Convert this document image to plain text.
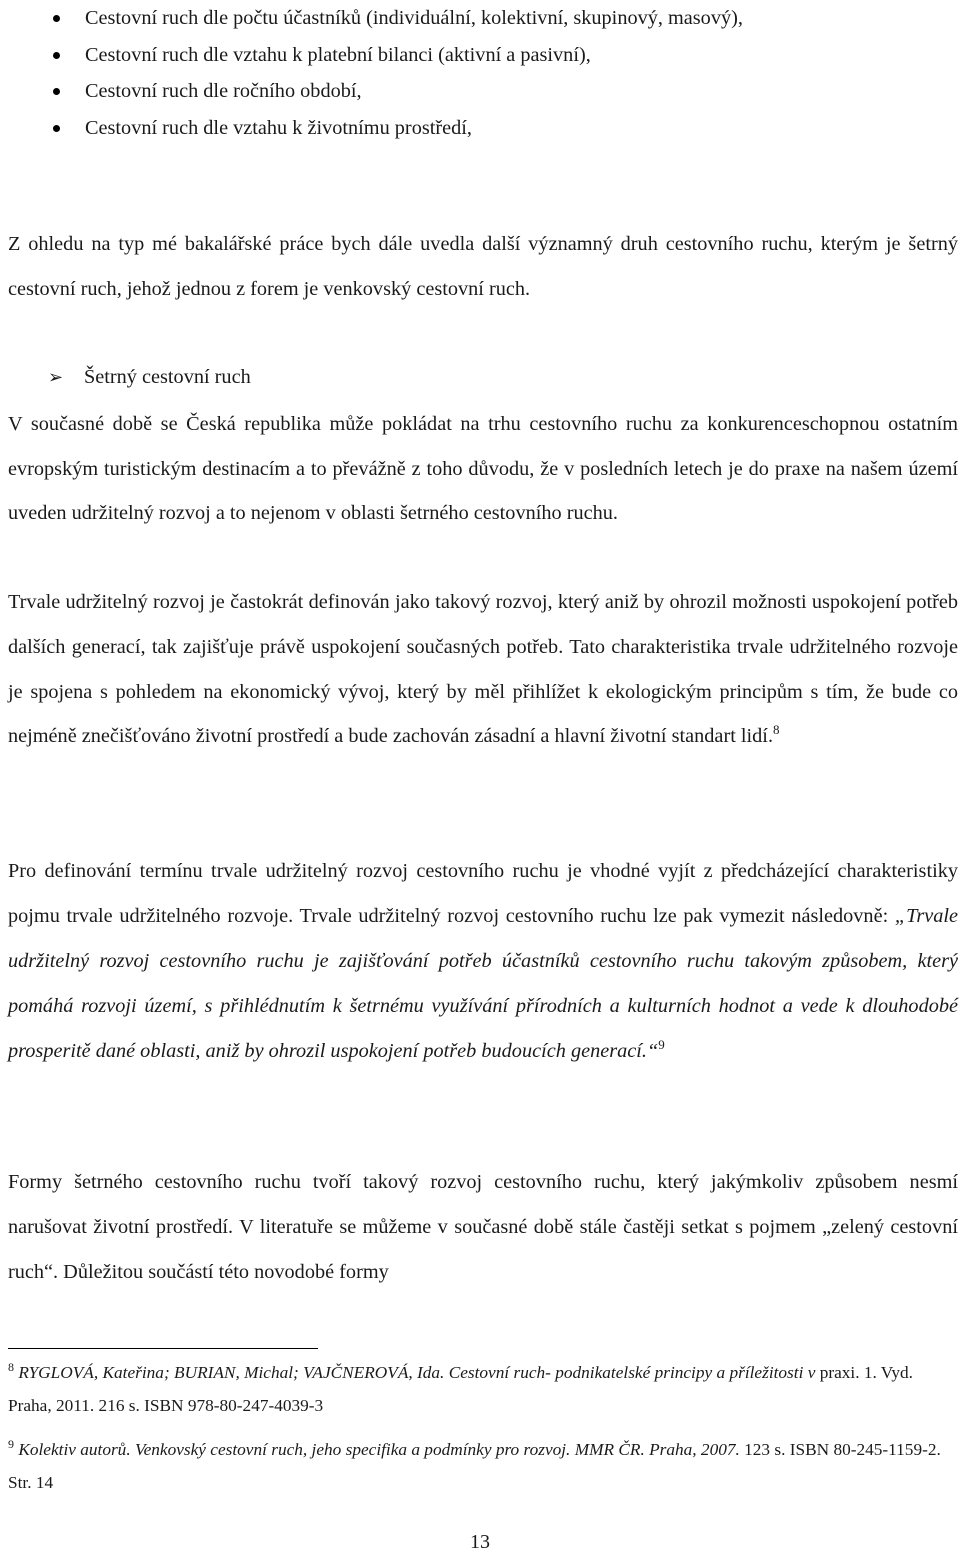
Cestovní ruch dle počtu účastníků (individuální, kolektivní, skupinový, masový),
Cestovní ruch dle vztahu k platební bilanci (aktivní a pasivní),
Cestovní ruch dle ročního období,
Cestovní ruch dle vztahu k životnímu prostředí,

Z ohledu na typ mé bakalářské práce bych dále uvedla další významný druh cestovního ruchu, kterým je šetrný cestovní ruch, jehož jednou z forem je venkovský cestovní ruch.

➢	Šetrný cestovní ruch

V současné době se Česká republika může pokládat na trhu cestovního ruchu za konkurenceschopnou ostatním evropským turistickým destinacím a to převážně z toho důvodu, že v posledních letech je do praxe na našem území uveden udržitelný rozvoj a to nejenom v oblasti šetrného cestovního ruchu.

Trvale udržitelný rozvoj je častokrát definován jako takový rozvoj, který aniž by ohrozil možnosti uspokojení potřeb dalších generací, tak zajišťuje právě uspokojení současných potřeb. Tato charakteristika trvale udržitelného rozvoje je spojena s pohledem na ekonomický vývoj, který by měl přihlížet k ekologickým principům s tím, že bude co nejméně znečišťováno životní prostředí a bude zachován zásadní a hlavní životní standart lidí.$^8$

Pro definování termínu trvale udržitelný rozvoj cestovního ruchu je vhodné vyjít z předcházející charakteristiky pojmu trvale udržitelného rozvoje. Trvale udržitelný rozvoj cestovního ruchu lze pak vymezit následovně: „Trvale udržitelný rozvoj cestovního ruchu je zajišťování potřeb účastníků cestovního ruchu takovým způsobem, který pomáhá rozvoji území, s přihlédnutím k šetrnému využívání přírodních a kulturních hodnot a vede k dlouhodobé prosperitě dané oblasti, aniž by ohrozil uspokojení potřeb budoucích generací.“$^9$

Formy šetrného cestovního ruchu tvoří takový rozvoj cestovního ruchu, který jakýmkoliv způsobem nesmí narušovat životní prostředí. V literatuře se můžeme v současné době stále častěji setkat s pojmem „zelený cestovní ruch“. Důležitou součástí této novodobé formy

$^8$ RYGLOVÁ, Kateřina; BURIAN, Michal; VAJČNEROVÁ, Ida. Cestovní ruch- podnikatelské principy a příležitosti v praxi. 1. Vyd. Praha, 2011. 216 s. ISBN 978-80-247-4039-3

$^9$ Kolektiv autorů. Venkovský cestovní ruch, jeho specifika a podmínky pro rozvoj. MMR ČR. Praha, 2007. 123 s. ISBN 80-245-1159-2. Str. 14

13
